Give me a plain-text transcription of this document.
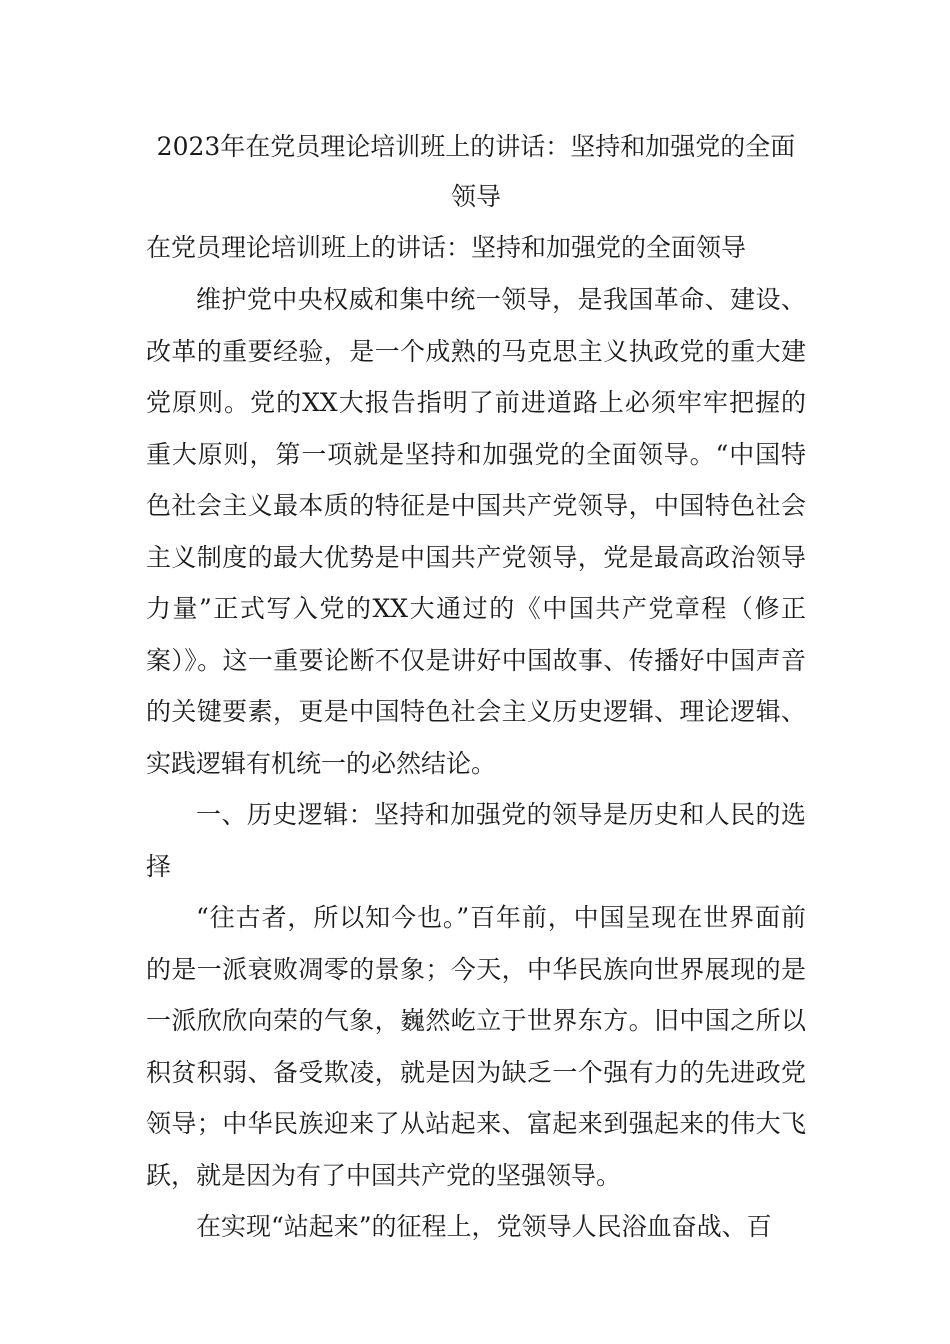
2023年在党员理论培训班上的讲话：坚持和加强党的全面领导

在党员理论培训班上的讲话：坚持和加强党的全面领导

维护党中央权威和集中统一领导，是我国革命、建设、改革的重要经验，是一个成熟的马克思主义执政党的重大建党原则。党的XX大报告指明了前进道路上必须牢牢把握的重大原则，第一项就是坚持和加强党的全面领导。“中国特色社会主义最本质的特征是中国共产党领导，中国特色社会主义制度的最大优势是中国共产党领导，党是最高政治领导力量”正式写入党的XX大通过的《中国共产党章程（修正案）》。这一重要论断不仅是讲好中国故事、传播好中国声音的关键要素，更是中国特色社会主义历史逻辑、理论逻辑、实践逻辑有机统一的必然结论。

一、历史逻辑：坚持和加强党的领导是历史和人民的选择

“往古者，所以知今也。”百年前，中国呈现在世界面前的是一派衰败凋零的景象；今天，中华民族向世界展现的是一派欣欣向荣的气象，巍然屹立于世界东方。旧中国之所以积贫积弱、备受欺凌，就是因为缺乏一个强有力的先进政党领导；中华民族迎来了从站起来、富起来到强起来的伟大飞跃，就是因为有了中国共产党的坚强领导。

在实现“站起来”的征程上，党领导人民浴血奋战、百
